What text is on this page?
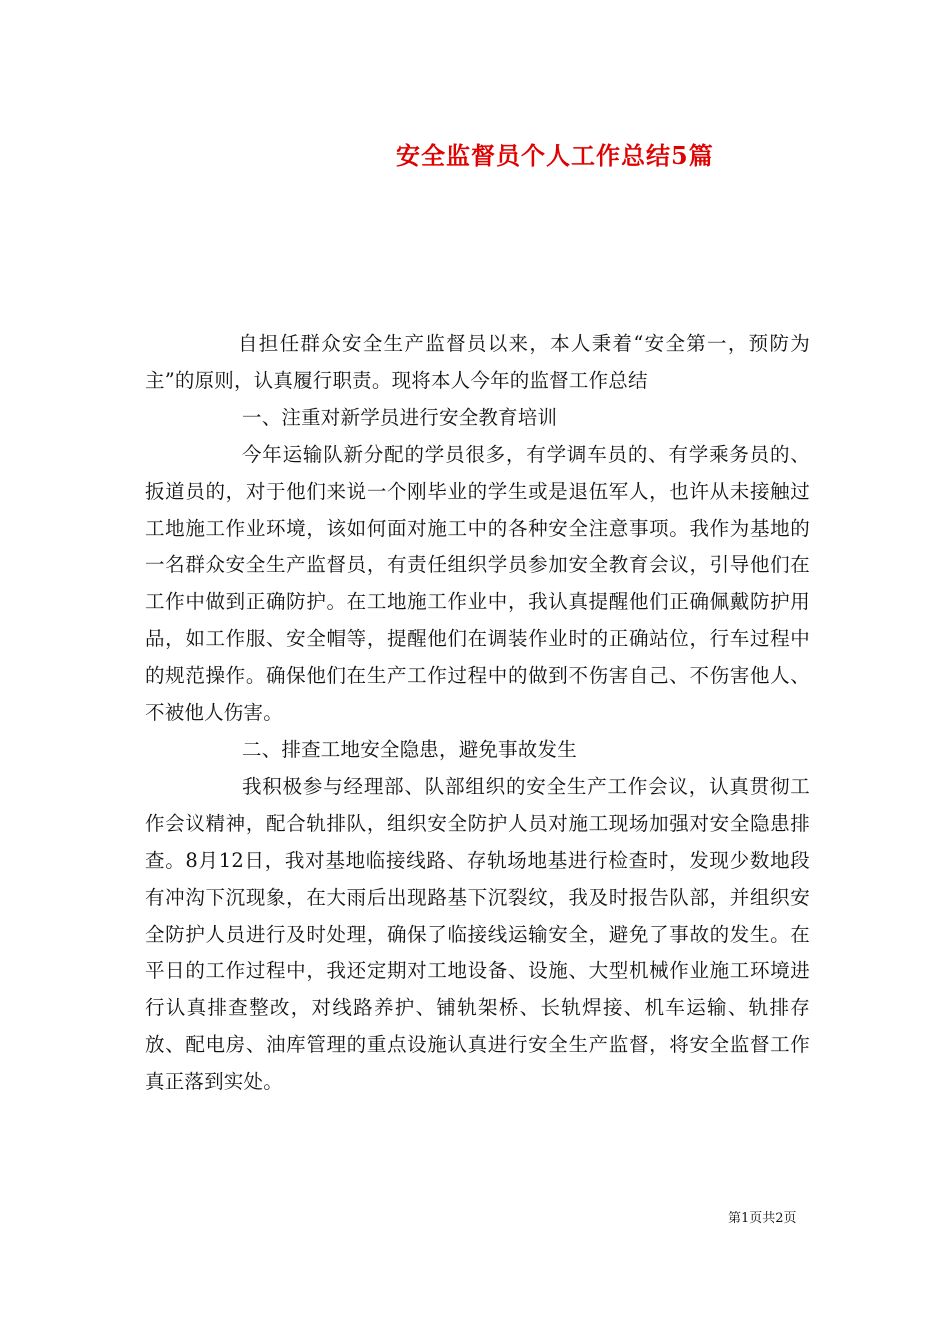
安全监督员个人工作总结5篇

自担任群众安全生产监督员以来，本人秉着“安全第一，预防为主”的原则，认真履行职责。现将本人今年的监督工作总结

一、注重对新学员进行安全教育培训

今年运输队新分配的学员很多，有学调车员的、有学乘务员的、扳道员的，对于他们来说一个刚毕业的学生或是退伍军人，也许从未接触过工地施工作业环境，该如何面对施工中的各种安全注意事项。我作为基地的一名群众安全生产监督员，有责任组织学员参加安全教育会议，引导他们在工作中做到正确防护。在工地施工作业中，我认真提醒他们正确佩戴防护用品，如工作服、安全帽等，提醒他们在调装作业时的正确站位，行车过程中的规范操作。确保他们在生产工作过程中的做到不伤害自己、不伤害他人、不被他人伤害。

二、排查工地安全隐患，避免事故发生

我积极参与经理部、队部组织的安全生产工作会议，认真贯彻工作会议精神，配合轨排队，组织安全防护人员对施工现场加强对安全隐患排查。8月12日，我对基地临接线路、存轨场地基进行检查时，发现少数地段有冲沟下沉现象，在大雨后出现路基下沉裂纹，我及时报告队部，并组织安全防护人员进行及时处理，确保了临接线运输安全，避免了事故的发生。在平日的工作过程中，我还定期对工地设备、设施、大型机械作业施工环境进行认真排查整改，对线路养护、铺轨架桥、长轨焊接、机车运输、轨排存放、配电房、油库管理的重点设施认真进行安全生产监督，将安全监督工作真正落到实处。

第1页共2页
